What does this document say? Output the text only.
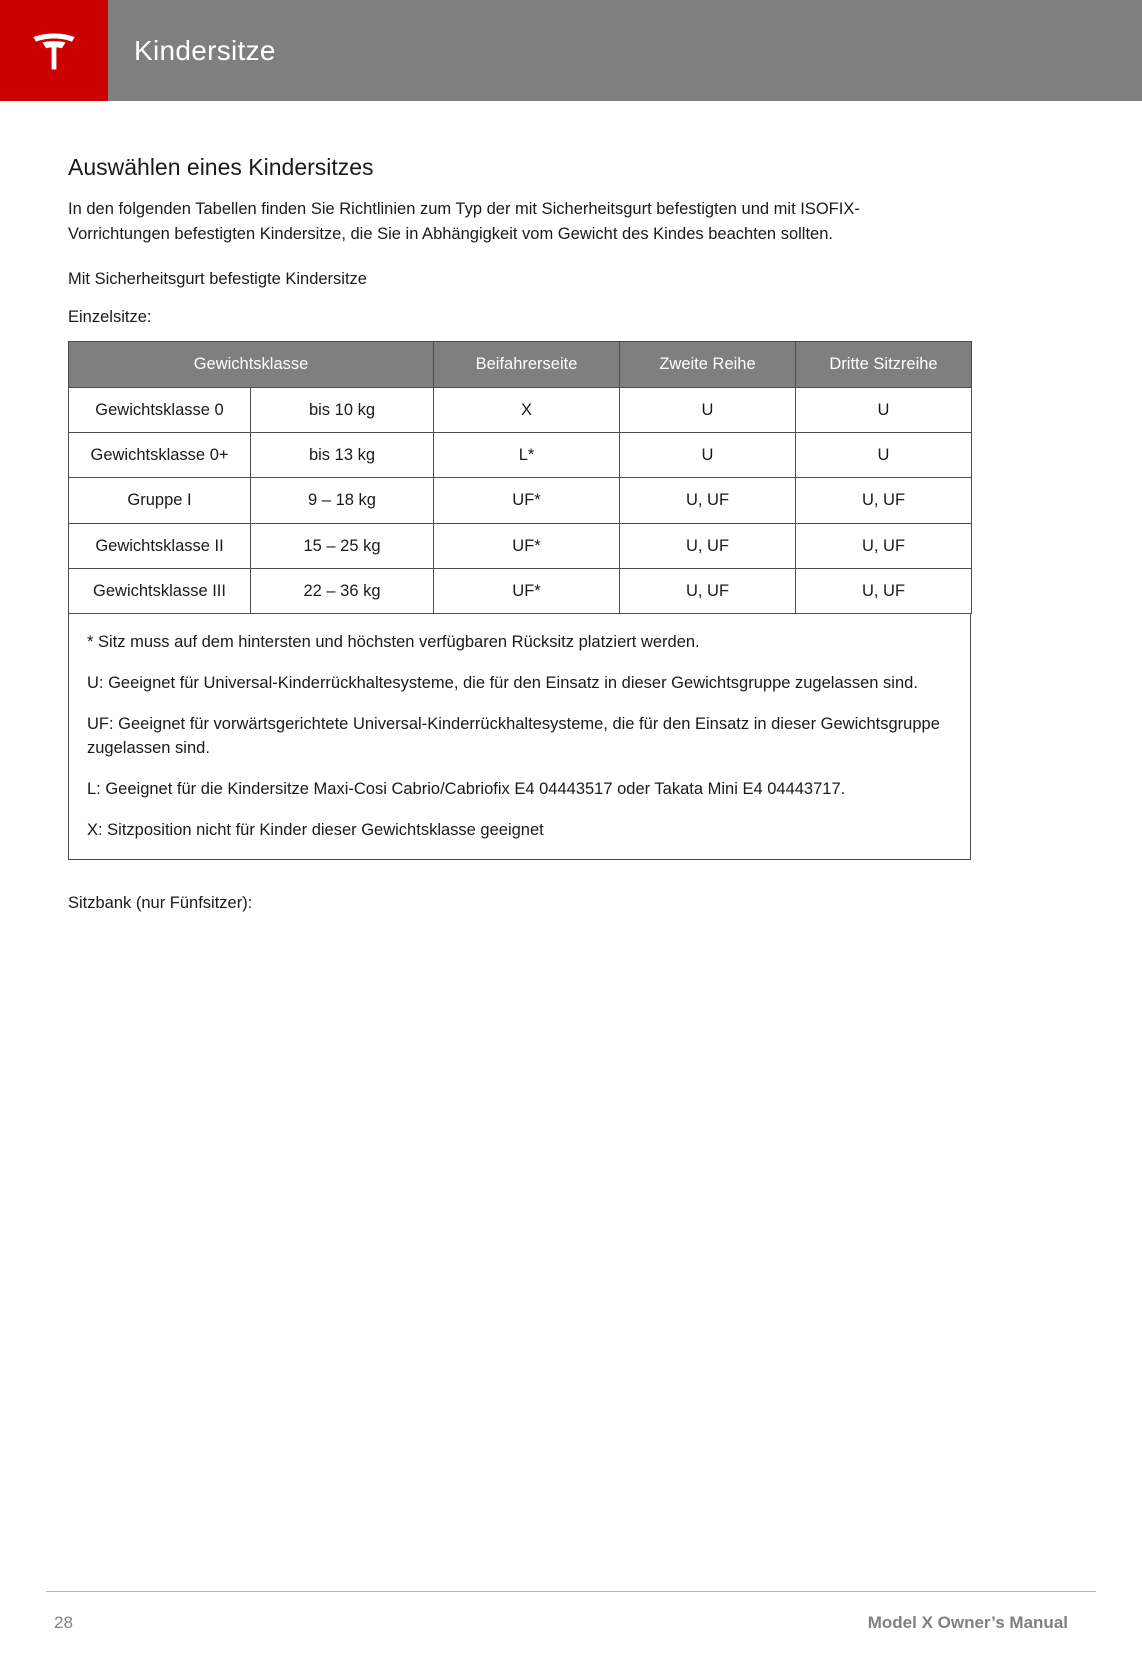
Kindersitze
Auswählen eines Kindersitzes

In den folgenden Tabellen finden Sie Richtlinien zum Typ der mit Sicherheitsgurt befestigten und mit ISOFIX-Vorrichtungen befestigten Kindersitze, die Sie in Abhängigkeit vom Gewicht des Kindes beachten sollten.

Mit Sicherheitsgurt befestigte Kindersitze

Einzelsitze:

Gewichtsklasse		Beifahrerseite	Zweite Reihe	Dritte Sitzreihe
Gewichtsklasse 0	bis 10 kg	X	U	U
Gewichtsklasse 0+	bis 13 kg	L*	U	U
Gruppe I	9 – 18 kg	UF*	U, UF	U, UF
Gewichtsklasse II	15 – 25 kg	UF*	U, UF	U, UF
Gewichtsklasse III	22 – 36 kg	UF*	U, UF	U, UF

* Sitz muss auf dem hintersten und höchsten verfügbaren Rücksitz platziert werden.

U: Geeignet für Universal-Kinderrückhaltesysteme, die für den Einsatz in dieser Gewichtsgruppe zugelassen sind.

UF: Geeignet für vorwärtsgerichtete Universal-Kinderrückhaltesysteme, die für den Einsatz in dieser Gewichtsgruppe zugelassen sind.

L: Geeignet für die Kindersitze Maxi-Cosi Cabrio/Cabriofix E4 04443517 oder Takata Mini E4 04443717.

X: Sitzposition nicht für Kinder dieser Gewichtsklasse geeignet

Sitzbank (nur Fünfsitzer):

28	Model X Owner’s Manual
